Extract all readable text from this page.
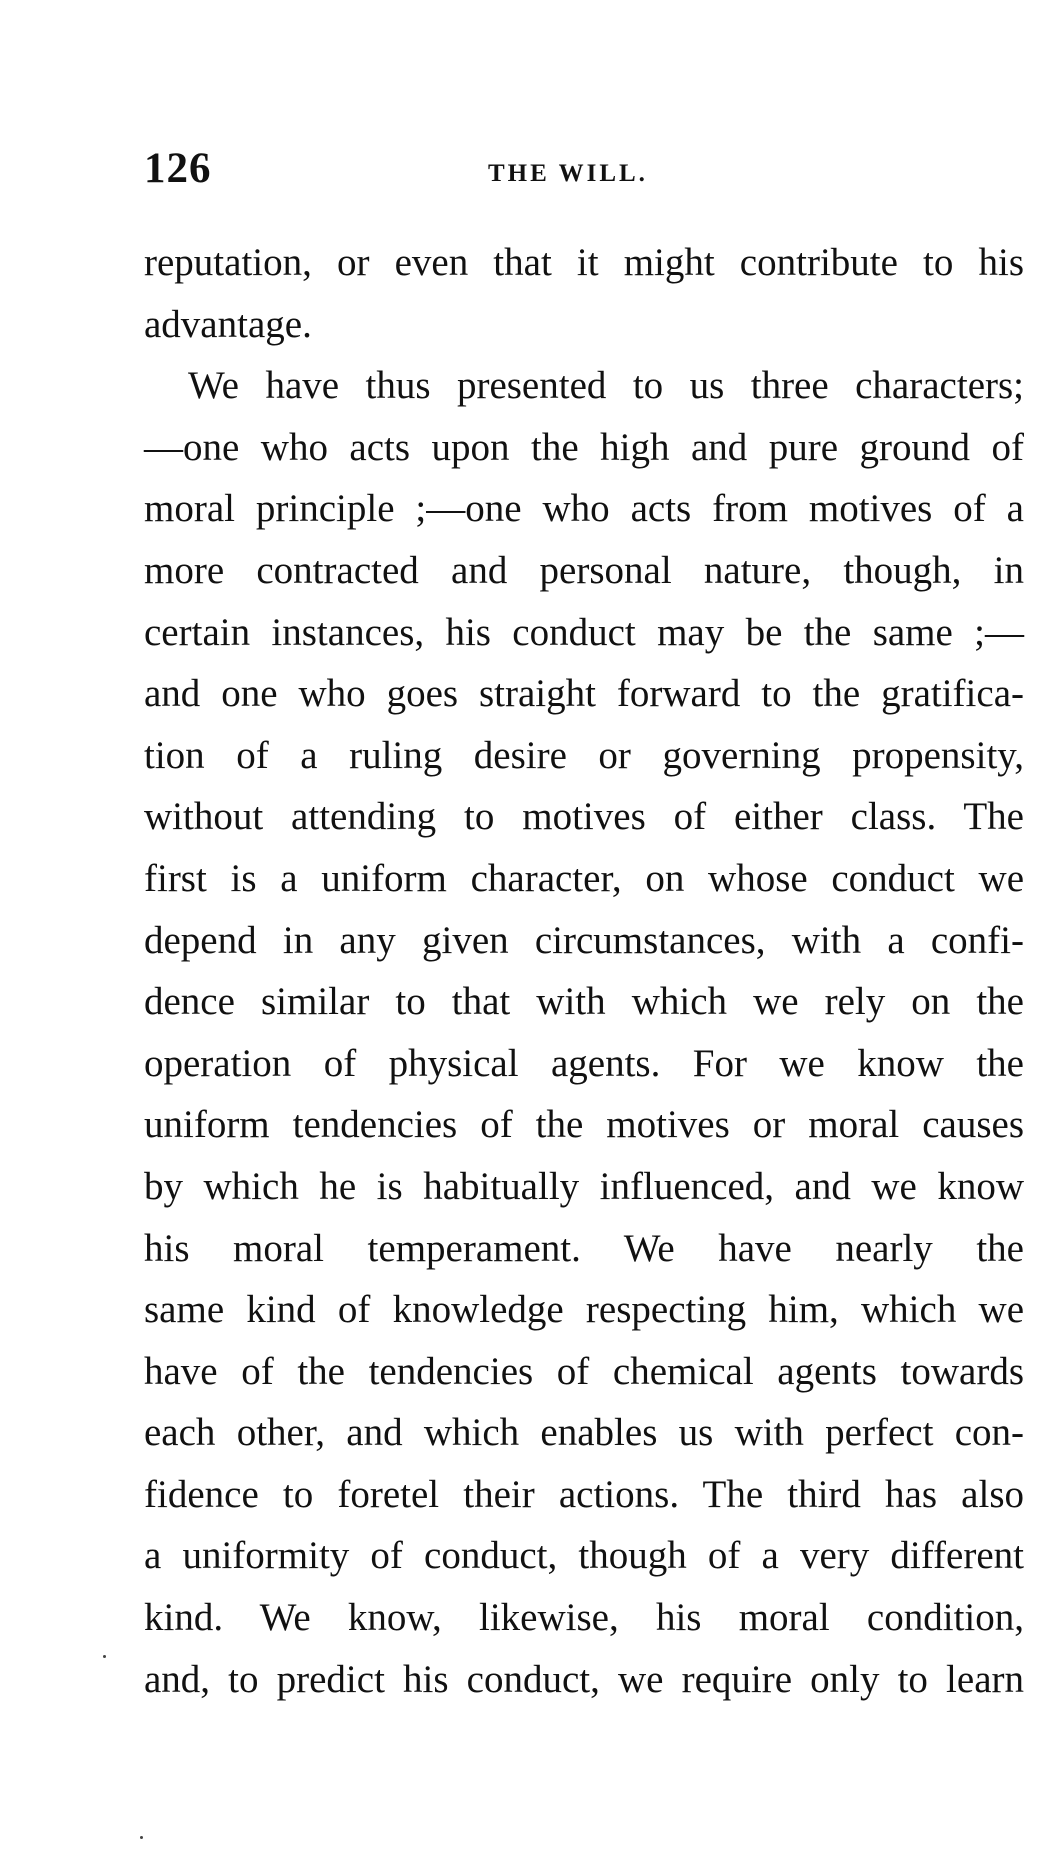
126	THE WILL.
reputation, or even that it might contribute to his
advantage.
We have thus presented to us three characters;
—one who acts upon the high and pure ground of
moral principle ;—one who acts from motives of a
more contracted and personal nature, though, in
certain instances, his conduct may be the same ;—
and one who goes straight forward to the gratifica-
tion of a ruling desire or governing propensity,
without attending to motives of either class. The
first is a uniform character, on whose conduct we
depend in any given circumstances, with a confi-
dence similar to that with which we rely on the
operation of physical agents. For we know the
uniform tendencies of the motives or moral causes
by which he is habitually influenced, and we know
his moral temperament. We have nearly the
same kind of knowledge respecting him, which we
have of the tendencies of chemical agents towards
each other, and which enables us with perfect con-
fidence to foretel their actions. The third has also
a uniformity of conduct, though of a very different
kind. We know, likewise, his moral condition,
and, to predict his conduct, we require only to learn
